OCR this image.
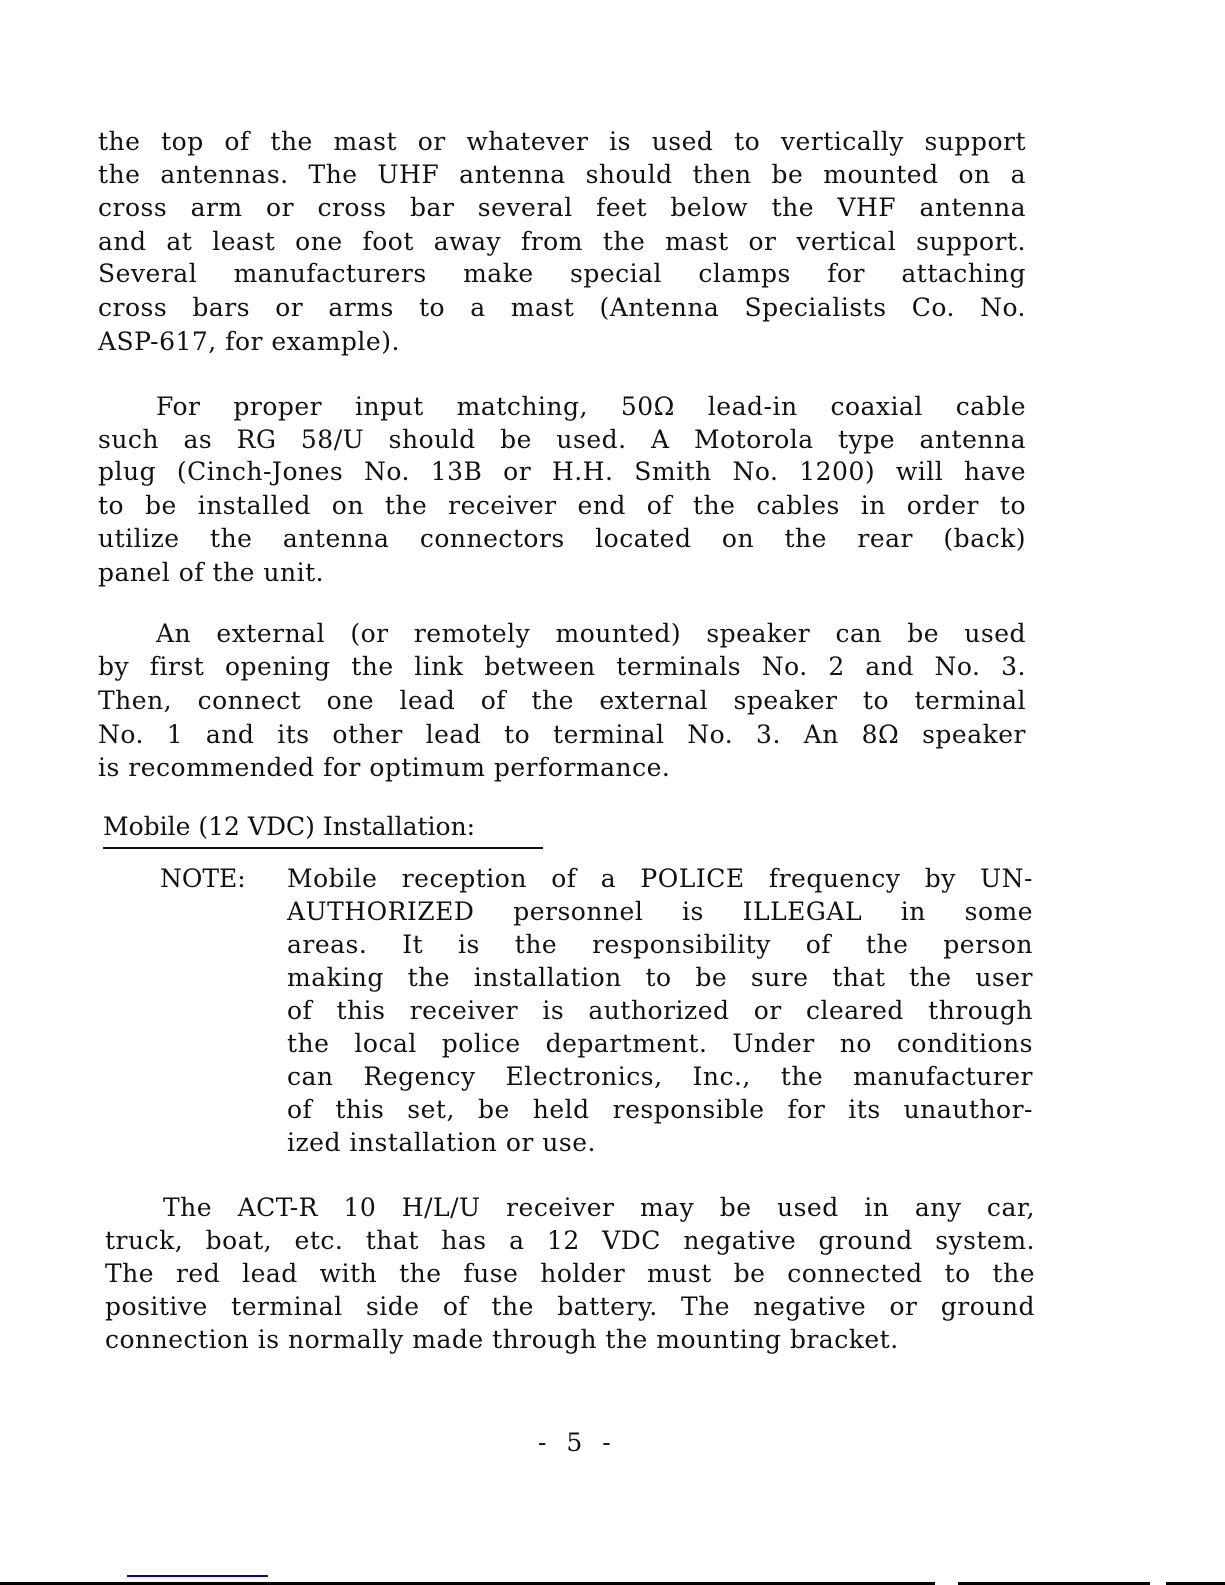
Mobile (12 VDC) Installation:
NOTE:
- 5 -
the top of the mast or whatever is used to vertically support
the antennas. The UHF antenna should then be mounted on a
cross arm or cross bar several feet below the VHF antenna
and at least one foot away from the mast or vertical support.
Several manufacturers make special clamps for attaching
cross bars or arms to a mast (Antenna Specialists Co. No.
ASP-617, for example).
For proper input matching, 50Ω lead-in coaxial cable
such as RG 58/U should be used. A Motorola type antenna
plug (Cinch-Jones No. 13B or H.H. Smith No. 1200) will have
to be installed on the receiver end of the cables in order to
utilize the antenna connectors located on the rear (back)
panel of the unit.
An external (or remotely mounted) speaker can be used
by first opening the link between terminals No. 2 and No. 3.
Then, connect one lead of the external speaker to terminal
No. 1 and its other lead to terminal No. 3. An 8Ω speaker
is recommended for optimum performance.
Mobile reception of a POLICE frequency by UN-
AUTHORIZED personnel is ILLEGAL in some
areas. It is the responsibility of the person
making the installation to be sure that the user
of this receiver is authorized or cleared through
the local police department. Under no conditions
can Regency Electronics, Inc., the manufacturer
of this set, be held responsible for its unauthor-
ized installation or use.
The ACT-R 10 H/L/U receiver may be used in any car,
truck, boat, etc. that has a 12 VDC negative ground system.
The red lead with the fuse holder must be connected to the
positive terminal side of the battery. The negative or ground
connection is normally made through the mounting bracket.
